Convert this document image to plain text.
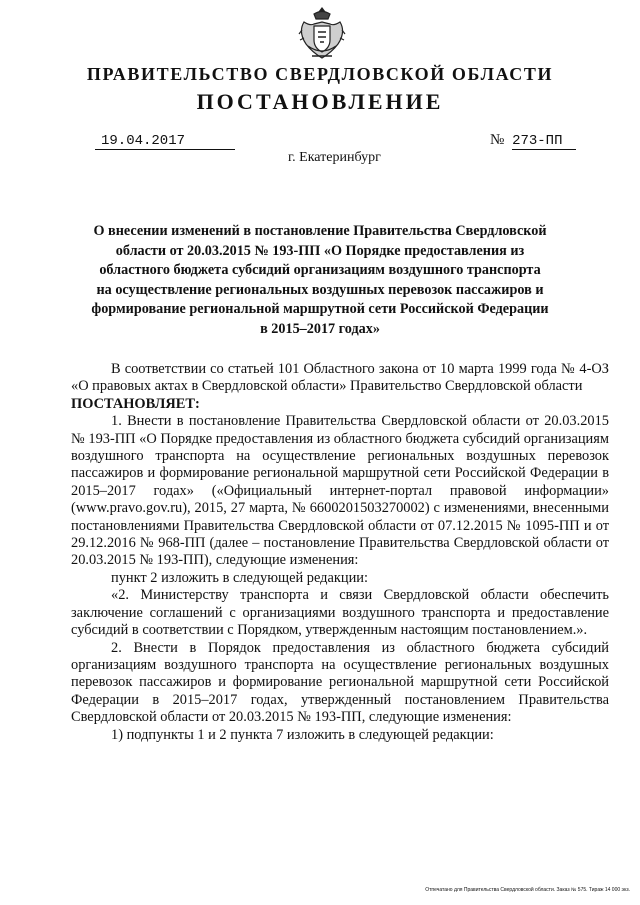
ПРАВИТЕЛЬСТВО СВЕРДЛОВСКОЙ ОБЛАСТИ
ПОСТАНОВЛЕНИЕ
19.04.2017	№ 273-ПП
г. Екатеринбург
О внесении изменений в постановление Правительства Свердловской области от 20.03.2015 № 193-ПП «О Порядке предоставления из областного бюджета субсидий организациям воздушного транспорта на осуществление региональных воздушных перевозок пассажиров и формирование региональной маршрутной сети Российской Федерации в 2015–2017 годах»

В соответствии со статьей 101 Областного закона от 10 марта 1999 года № 4-ОЗ «О правовых актах в Свердловской области» Правительство Свердловской области

ПОСТАНОВЛЯЕТ:

1. Внести в постановление Правительства Свердловской области от 20.03.2015 № 193-ПП «О Порядке предоставления из областного бюджета субсидий организациям воздушного транспорта на осуществление региональных воздушных перевозок пассажиров и формирование региональной маршрутной сети Российской Федерации в 2015–2017 годах» («Официальный интернет-портал правовой информации» (www.pravo.gov.ru), 2015, 27 марта, № 6600201503270002) с изменениями, внесенными постановлениями Правительства Свердловской области от 07.12.2015 № 1095-ПП и от 29.12.2016 № 968-ПП (далее – постановление Правительства Свердловской области от 20.03.2015 № 193-ПП), следующие изменения:

пункт 2 изложить в следующей редакции:

«2. Министерству транспорта и связи Свердловской области обеспечить заключение соглашений с организациями воздушного транспорта и предоставление субсидий в соответствии с Порядком, утвержденным настоящим постановлением.».

2. Внести в Порядок предоставления из областного бюджета субсидий организациям воздушного транспорта на осуществление региональных воздушных перевозок пассажиров и формирование региональной маршрутной сети Российской Федерации в 2015–2017 годах, утвержденный постановлением Правительства Свердловской области от 20.03.2015 № 193-ПП, следующие изменения:

1) подпункты 1 и 2 пункта 7 изложить в следующей редакции:

Отпечатано для Правительства Свердловской области. Заказ № 575. Тираж 14 000 экз.
